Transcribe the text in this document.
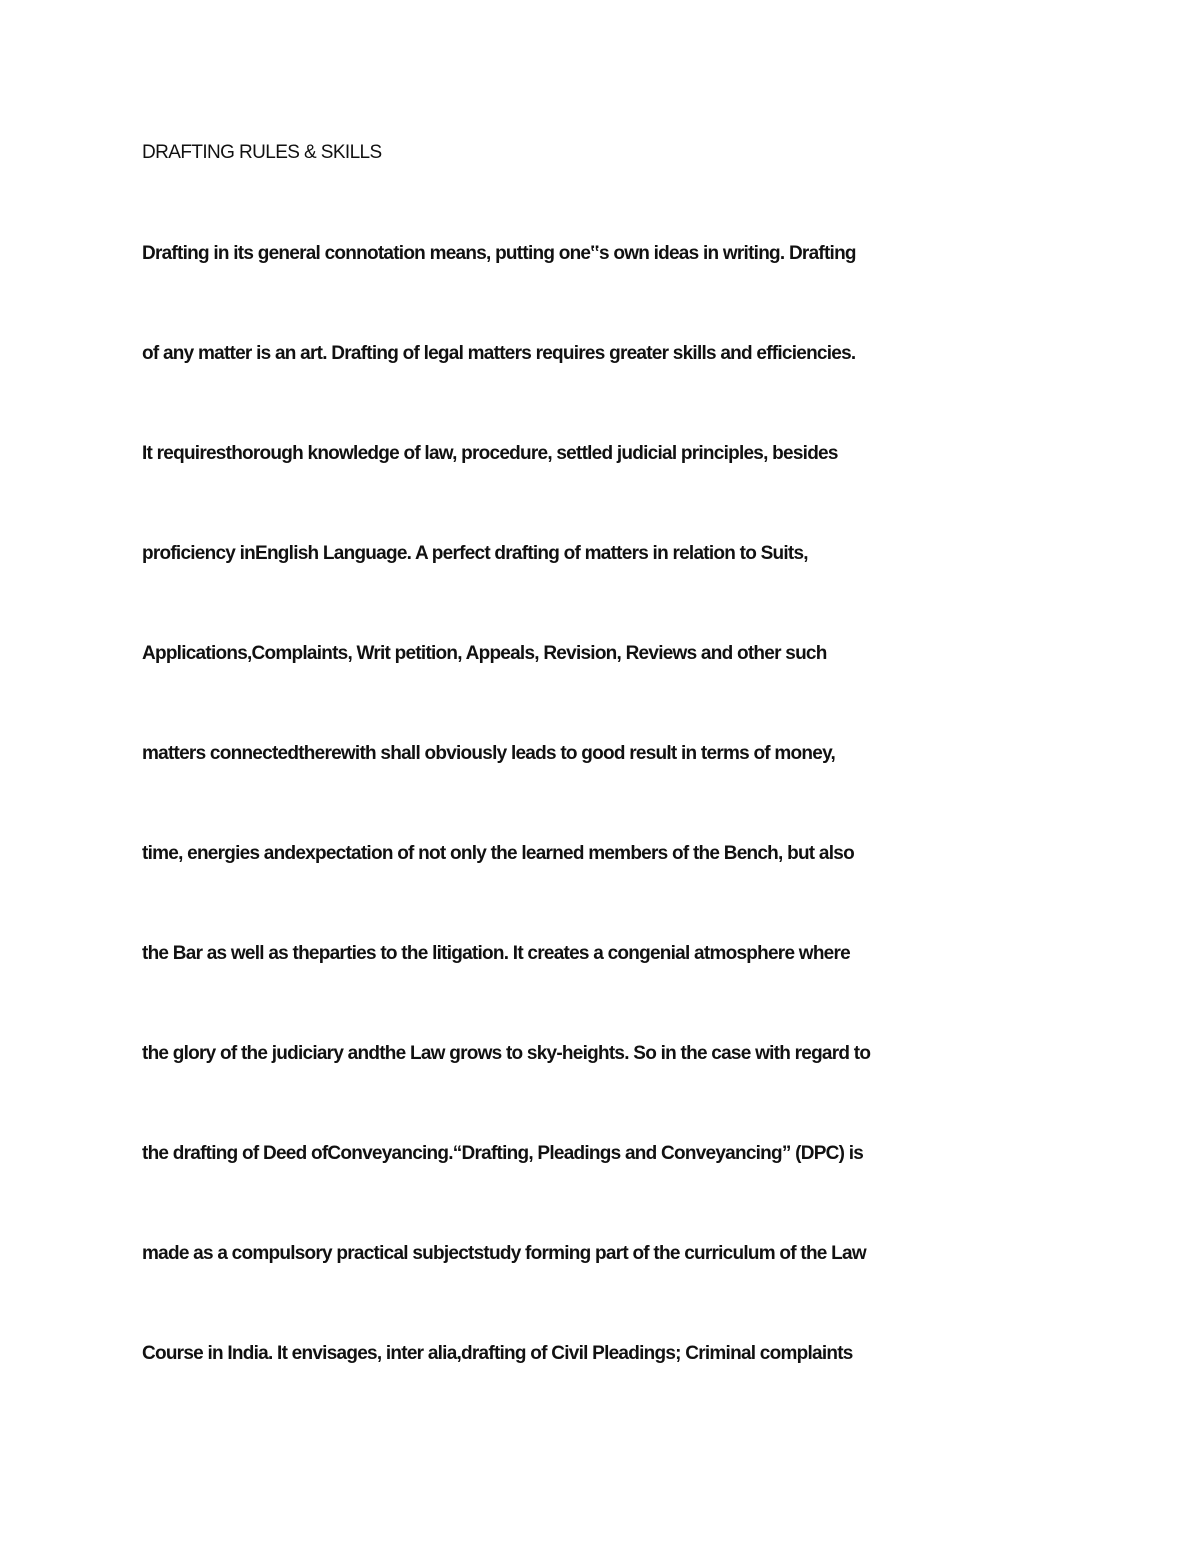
DRAFTING RULES & SKILLS
Drafting in its general connotation means, putting one‟s own ideas in writing. Drafting
of any matter is an art. Drafting of legal matters requires greater skills and efficiencies.
It requiresthorough knowledge of law, procedure, settled judicial principles, besides
proficiency inEnglish Language. A perfect drafting of matters in relation to Suits,
Applications,Complaints, Writ petition, Appeals, Revision, Reviews and other such
matters connectedtherewith shall obviously leads to good result in terms of money,
time, energies andexpectation of not only the learned members of the Bench, but also
the Bar as well as theparties to the litigation. It creates a congenial atmosphere where
the glory of the judiciary andthe Law grows to sky-heights. So in the case with regard to
the drafting of Deed ofConveyancing.“Drafting, Pleadings and Conveyancing” (DPC) is
made as a compulsory practical subjectstudy forming part of the curriculum of the Law
Course in India. It envisages, inter alia,drafting of Civil Pleadings; Criminal complaints
